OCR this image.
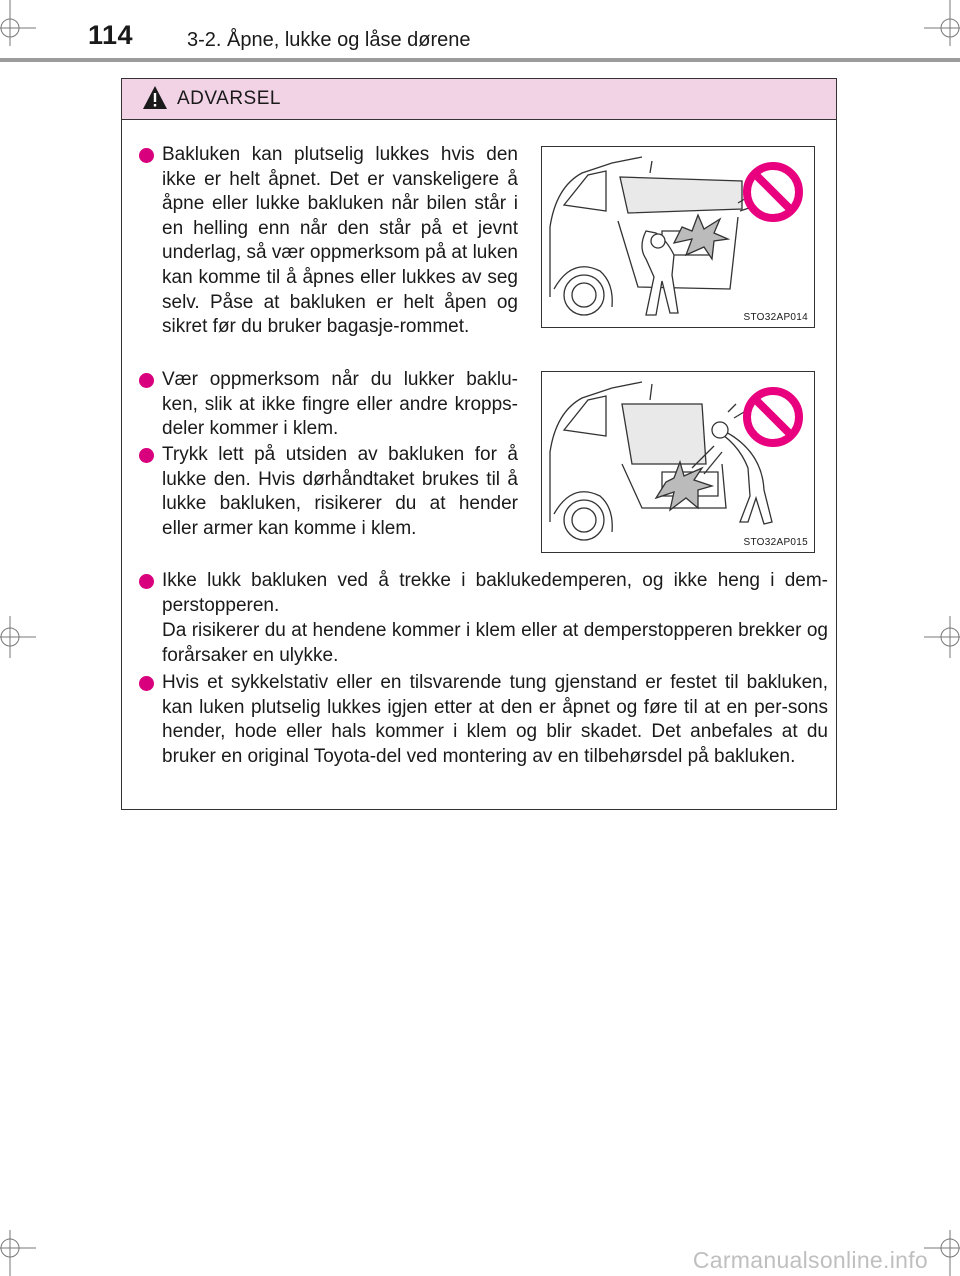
114	3-2. Åpne, lukke og låse dørene
ADVARSEL
Bakluken kan plutselig lukkes hvis den ikke er helt åpnet. Det er vanskeligere å åpne eller lukke bakluken når bilen står i en helling enn når den står på et jevnt underlag, så vær oppmerksom på at luken kan komme til å åpnes eller lukkes av seg selv. Påse at bakluken er helt åpen og sikret før du bruker bagasje-rommet.	STO32AP014
Vær oppmerksom når du lukker baklu-ken, slik at ikke fingre eller andre kropps-deler kommer i klem.
Trykk lett på utsiden av bakluken for å lukke den. Hvis dørhåndtaket brukes til å lukke bakluken, risikerer du at hender eller armer kan komme i klem.
STO32AP015
Ikke lukk bakluken ved å trekke i baklukedemperen, og ikke heng i dem-perstopperen.
Da risikerer du at hendene kommer i klem eller at demperstopperen brekker og forårsaker en ulykke.
Hvis et sykkelstativ eller en tilsvarende tung gjenstand er festet til bakluken, kan luken plutselig lukkes igjen etter at den er åpnet og føre til at en per-sons hender, hode eller hals kommer i klem og blir skadet. Det anbefales at du bruker en original Toyota-del ved montering av en tilbehørsdel på bakluken.
Carmanualsonline.info
